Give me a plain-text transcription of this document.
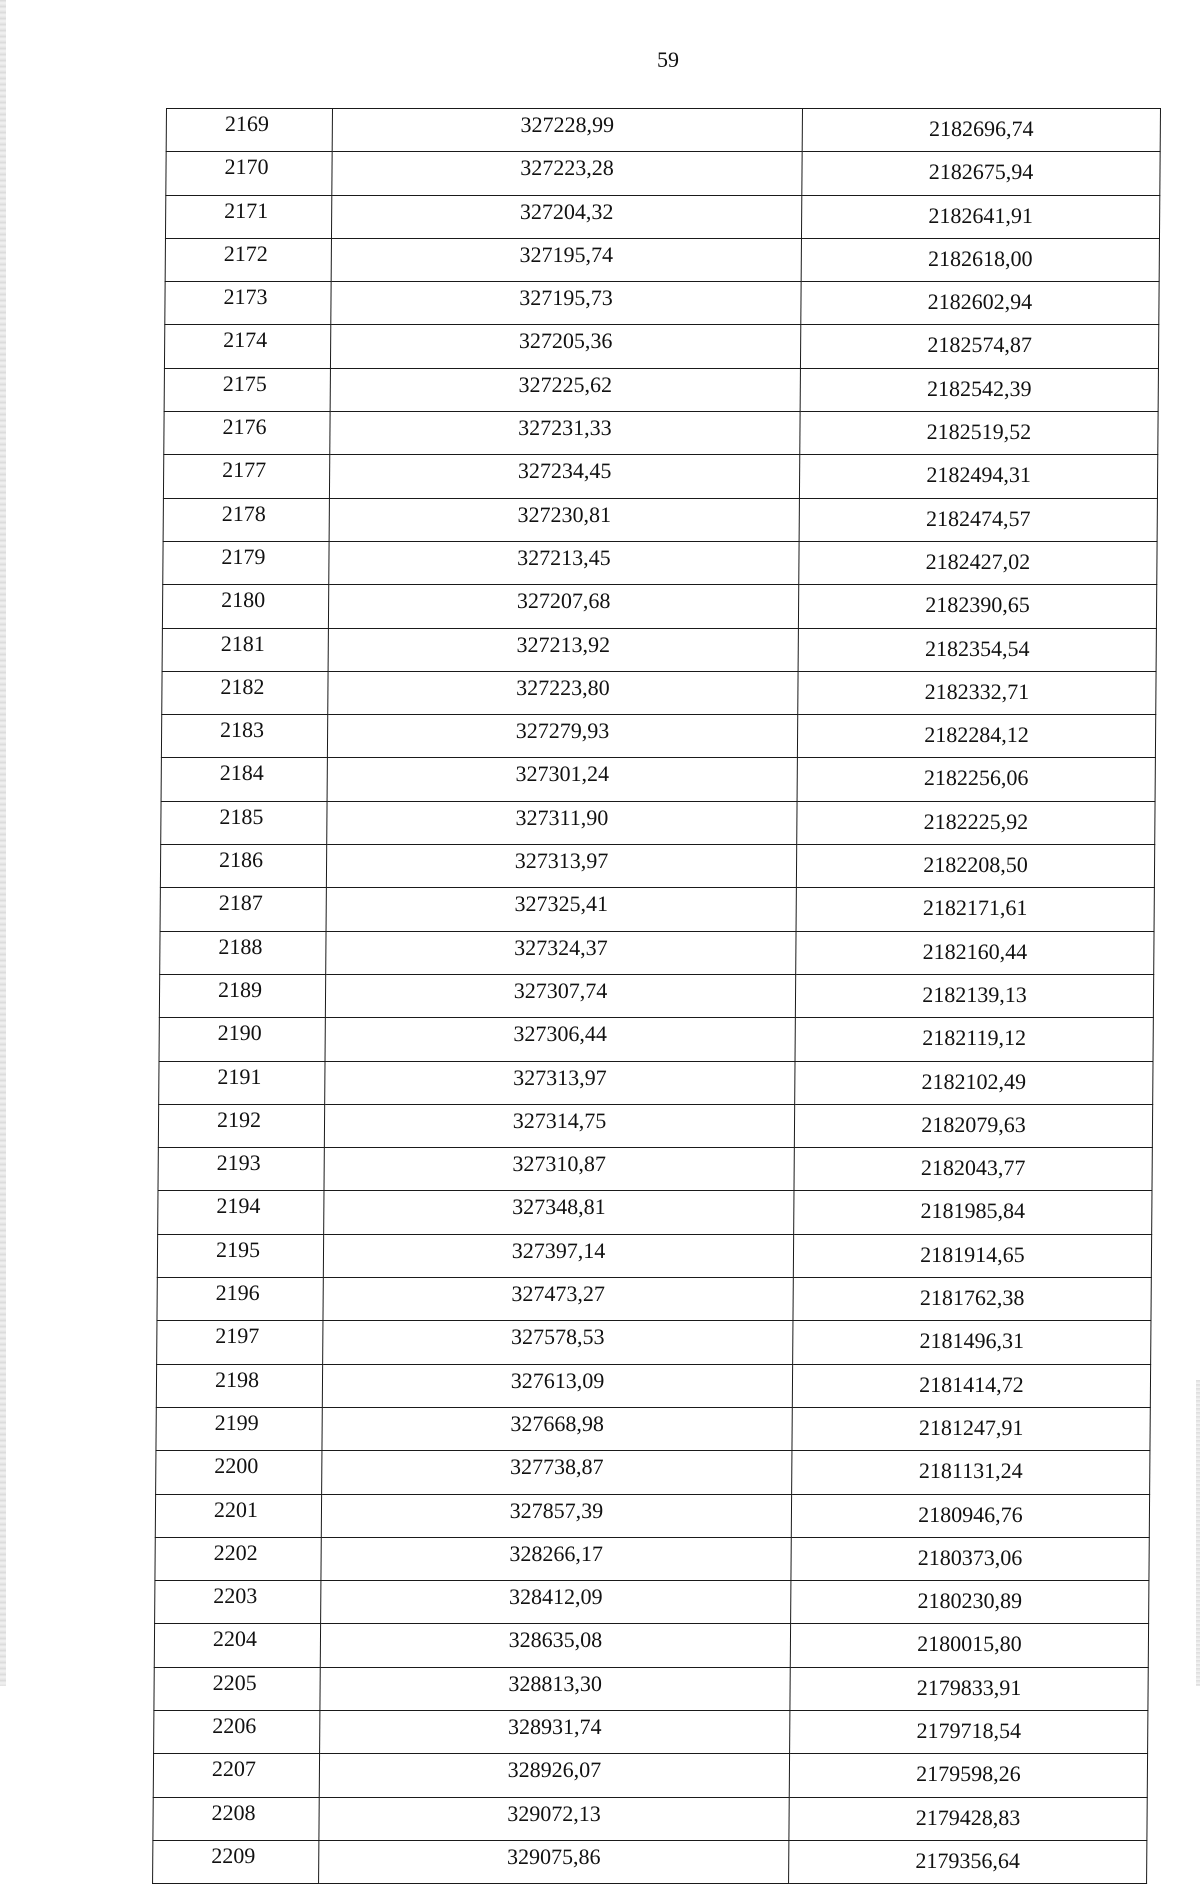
59
2169	327228,99	2182696,74
2170	327223,28	2182675,94
2171	327204,32	2182641,91
2172	327195,74	2182618,00
2173	327195,73	2182602,94
2174	327205,36	2182574,87
2175	327225,62	2182542,39
2176	327231,33	2182519,52
2177	327234,45	2182494,31
2178	327230,81	2182474,57
2179	327213,45	2182427,02
2180	327207,68	2182390,65
2181	327213,92	2182354,54
2182	327223,80	2182332,71
2183	327279,93	2182284,12
2184	327301,24	2182256,06
2185	327311,90	2182225,92
2186	327313,97	2182208,50
2187	327325,41	2182171,61
2188	327324,37	2182160,44
2189	327307,74	2182139,13
2190	327306,44	2182119,12
2191	327313,97	2182102,49
2192	327314,75	2182079,63
2193	327310,87	2182043,77
2194	327348,81	2181985,84
2195	327397,14	2181914,65
2196	327473,27	2181762,38
2197	327578,53	2181496,31
2198	327613,09	2181414,72
2199	327668,98	2181247,91
2200	327738,87	2181131,24
2201	327857,39	2180946,76
2202	328266,17	2180373,06
2203	328412,09	2180230,89
2204	328635,08	2180015,80
2205	328813,30	2179833,91
2206	328931,74	2179718,54
2207	328926,07	2179598,26
2208	329072,13	2179428,83
2209	329075,86	2179356,64
